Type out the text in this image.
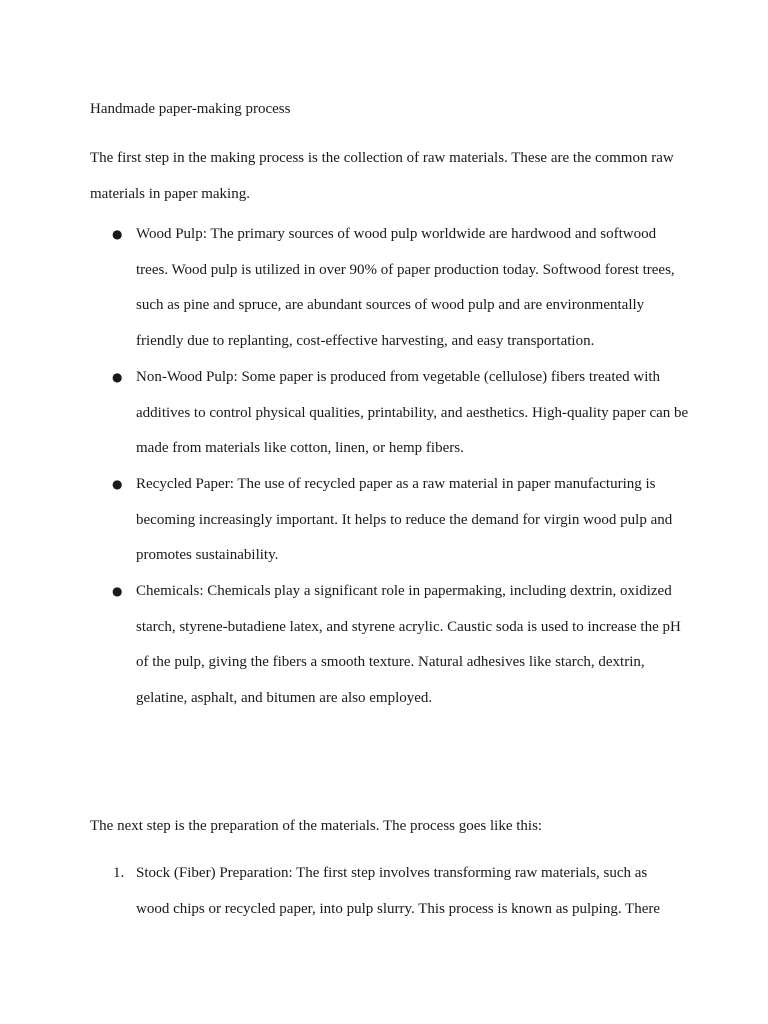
Handmade paper-making process

The first step in the making process is the collection of raw materials. These are the common raw materials in paper making.

● Wood Pulp: The primary sources of wood pulp worldwide are hardwood and softwood trees. Wood pulp is utilized in over 90% of paper production today. Softwood forest trees, such as pine and spruce, are abundant sources of wood pulp and are environmentally friendly due to replanting, cost-effective harvesting, and easy transportation.
● Non-Wood Pulp: Some paper is produced from vegetable (cellulose) fibers treated with additives to control physical qualities, printability, and aesthetics. High-quality paper can be made from materials like cotton, linen, or hemp fibers.
● Recycled Paper: The use of recycled paper as a raw material in paper manufacturing is becoming increasingly important. It helps to reduce the demand for virgin wood pulp and promotes sustainability.
● Chemicals: Chemicals play a significant role in papermaking, including dextrin, oxidized starch, styrene-butadiene latex, and styrene acrylic. Caustic soda is used to increase the pH of the pulp, giving the fibers a smooth texture. Natural adhesives like starch, dextrin, gelatine, asphalt, and bitumen are also employed.

The next step is the preparation of the materials. The process goes like this:

1. Stock (Fiber) Preparation: The first step involves transforming raw materials, such as wood chips or recycled paper, into pulp slurry. This process is known as pulping. There
